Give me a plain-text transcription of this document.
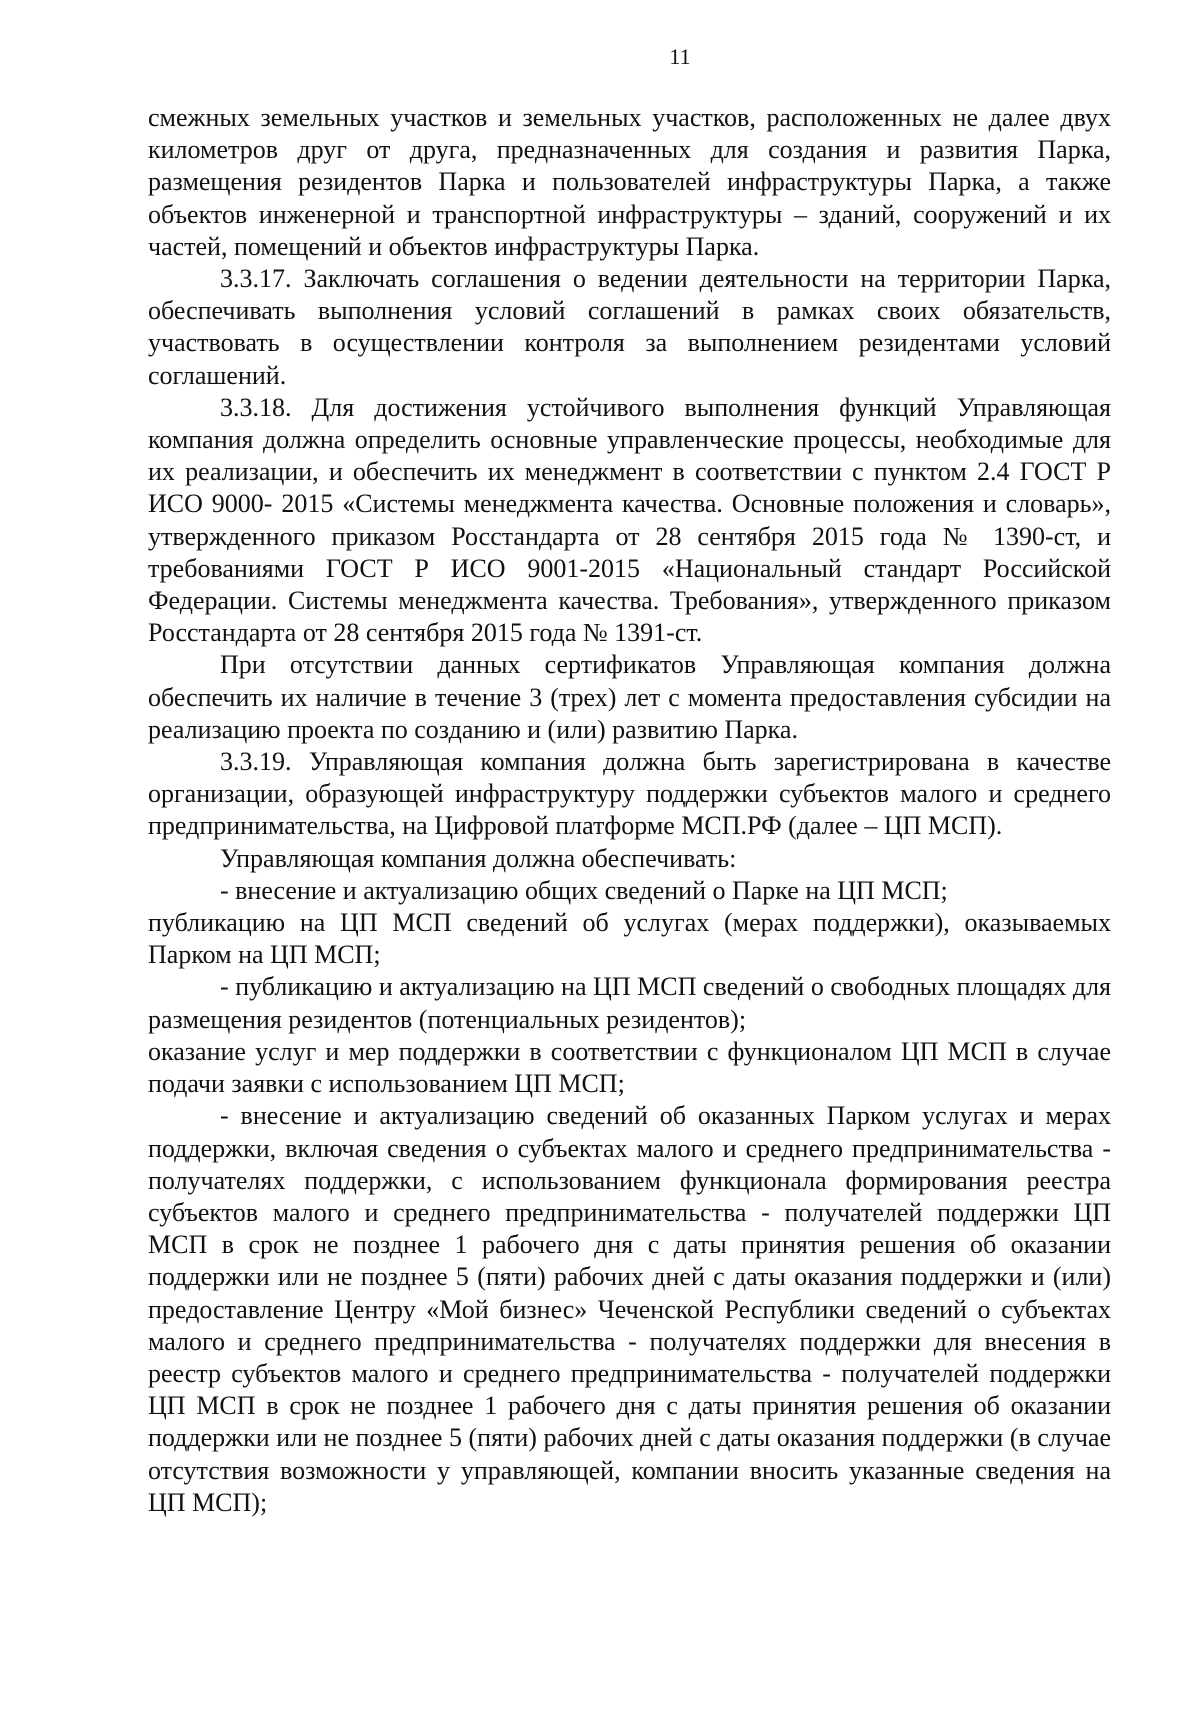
11

смежных земельных участков и земельных участков, расположенных не далее двух километров друг от друга, предназначенных для создания и развития Парка, размещения резидентов Парка и пользователей инфраструктуры Парка, а также объектов инженерной и транспортной инфраструктуры – зданий, сооружений и их частей, помещений и объектов инфраструктуры Парка.

3.3.17. Заключать соглашения о ведении деятельности на территории Парка, обеспечивать выполнения условий соглашений в рамках своих обязательств, участвовать в осуществлении контроля за выполнением резидентами условий соглашений.

3.3.18. Для достижения устойчивого выполнения функций Управляющая компания должна определить основные управленческие процессы, необходимые для их реализации, и обеспечить их менеджмент в соответствии с пунктом 2.4 ГОСТ Р ИСО 9000- 2015 «Системы менеджмента качества. Основные положения и словарь», утвержденного приказом Росстандарта от 28 сентября 2015 года № 1390-ст, и требованиями ГОСТ Р ИСО 9001-2015 «Национальный стандарт Российской Федерации. Системы менеджмента качества. Требования», утвержденного приказом Росстандарта от 28 сентября 2015 года № 1391-ст.

При отсутствии данных сертификатов Управляющая компания должна обеспечить их наличие в течение 3 (трех) лет с момента предоставления субсидии на реализацию проекта по созданию и (или) развитию Парка.

3.3.19. Управляющая компания должна быть зарегистрирована в качестве организации, образующей инфраструктуру поддержки субъектов малого и среднего предпринимательства, на Цифровой платформе МСП.РФ (далее – ЦП МСП).

Управляющая компания должна обеспечивать:

- внесение и актуализацию общих сведений о Парке на ЦП МСП;

публикацию на ЦП МСП сведений об услугах (мерах поддержки), оказываемых Парком на ЦП МСП;

- публикацию и актуализацию на ЦП МСП сведений о свободных площадях для размещения резидентов (потенциальных резидентов);

оказание услуг и мер поддержки в соответствии с функционалом ЦП МСП в случае подачи заявки с использованием ЦП МСП;

- внесение и актуализацию сведений об оказанных Парком услугах и мерах поддержки, включая сведения о субъектах малого и среднего предпринимательства - получателях поддержки, с использованием функционала формирования реестра субъектов малого и среднего предпринимательства - получателей поддержки ЦП МСП в срок не позднее 1 рабочего дня с даты принятия решения об оказании поддержки или не позднее 5 (пяти) рабочих дней с даты оказания поддержки и (или) предоставление Центру «Мой бизнес» Чеченской Республики сведений о субъектах малого и среднего предпринимательства - получателях поддержки для внесения в реестр субъектов малого и среднего предпринимательства - получателей поддержки ЦП МСП в срок не позднее 1 рабочего дня с даты принятия решения об оказании поддержки или не позднее 5 (пяти) рабочих дней с даты оказания поддержки (в случае отсутствия возможности у управляющей, компании вносить указанные сведения на ЦП МСП);
